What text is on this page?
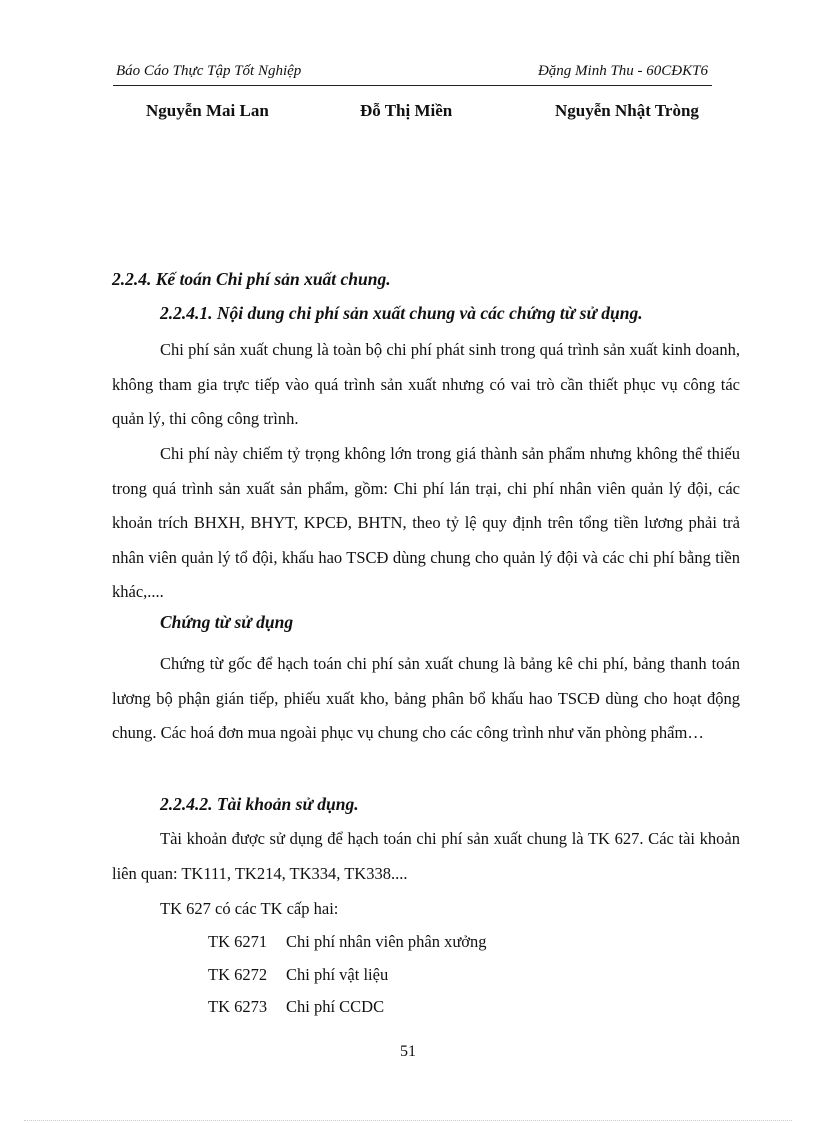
Báo Cáo Thực Tập Tốt Nghiệp	Đặng Minh Thu - 60CĐKT6
Nguyễn Mai Lan	Đỗ Thị Miền	Nguyễn Nhật Tròng
2.2.4. Kế toán Chi phí sản xuất chung.
2.2.4.1. Nội dung chi phí sản xuất chung và các chứng từ sử dụng.
Chi phí sản xuất chung là toàn bộ chi phí phát sinh trong quá trình sản xuất kinh doanh, không tham gia trực tiếp vào quá trình sản xuất nhưng có vai trò cần thiết phục vụ công tác quản lý, thi công công trình.
Chi phí này chiếm tỷ trọng không lớn trong giá thành sản phẩm nhưng không thể thiếu trong quá trình sản xuất sản phẩm, gồm: Chi phí lán trại, chi phí nhân viên quản lý đội, các khoản trích BHXH, BHYT, KPCĐ, BHTN, theo tỷ lệ quy định trên tổng tiền lương phải trả nhân viên quản lý tổ đội, khấu hao TSCĐ dùng chung cho quản lý đội và các chi phí bằng tiền khác,....
Chứng từ sử dụng
Chứng từ gốc để hạch toán chi phí sản xuất chung là bảng kê chi phí, bảng thanh toán lương bộ phận gián tiếp, phiếu xuất kho, bảng phân bổ khấu hao TSCĐ dùng cho hoạt động chung. Các hoá đơn mua ngoài phục vụ chung cho các công trình như văn phòng phẩm…
2.2.4.2. Tài khoản sử dụng.
Tài khoản được sử dụng để hạch toán chi phí sản xuất chung là TK 627. Các tài khoản liên quan: TK111, TK214, TK334, TK338....
TK 627 có các TK cấp hai:
TK 6271 Chi phí nhân viên phân xưởng
TK 6272 Chi phí vật liệu
TK 6273 Chi phí CCDC
51
